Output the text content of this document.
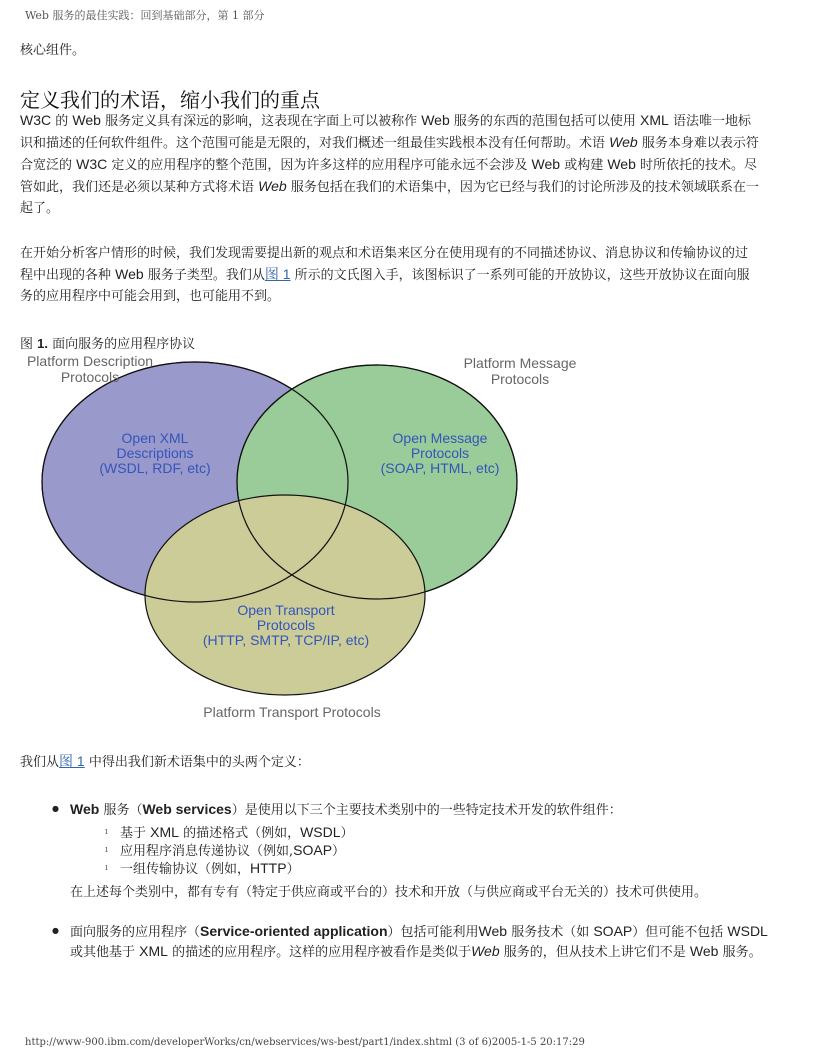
Web 服务的最佳实践：回到基础部分，第 1 部分
核心组件。
定义我们的术语，缩小我们的重点

W3C 的 Web 服务定义具有深远的影响，这表现在字面上可以被称作 Web 服务的东西的范围包括可以使用 XML 语法唯一地标识和描述的任何软件组件。这个范围可能是无限的，对我们概述一组最佳实践根本没有任何帮助。术语 Web 服务本身难以表示符合宽泛的 W3C 定义的应用程序的整个范围，因为许多这样的应用程序可能永远不会涉及 Web 或构建 Web 时所依托的技术。尽管如此，我们还是必须以某种方式将术语 Web 服务包括在我们的术语集中，因为它已经与我们的讨论所涉及的技术领域联系在一起了。

在开始分析客户情形的时候，我们发现需要提出新的观点和术语集来区分在使用现有的不同描述协议、消息协议和传输协议的过程中出现的各种 Web 服务子类型。我们从图 1 所示的文氏图入手，该图标识了一系列可能的开放协议，这些开放协议在面向服务的应用程序中可能会用到，也可能用不到。

图 1. 面向服务的应用程序协议
Platform Description
Protocols
Platform Message
Protocols
Open XML
Descriptions
(WSDL, RDF, etc)
Open Message
Protocols
(SOAP, HTML, etc)
Open Transport
Protocols
(HTTP, SMTP, TCP/IP, etc)
Platform Transport Protocols

我们从图 1 中得出我们新术语集中的头两个定义：

● Web 服务（Web services）是使用以下三个主要技术类别中的一些特定技术开发的软件组件：
ı 基于 XML 的描述格式（例如，WSDL）
ı 应用程序消息传递协议（例如,SOAP）
ı 一组传输协议（例如，HTTP）
在上述每个类别中，都有专有（特定于供应商或平台的）技术和开放（与供应商或平台无关的）技术可供使用。
● 面向服务的应用程序（Service-oriented application）包括可能利用Web 服务技术（如 SOAP）但可能不包括 WSDL 或其他基于 XML 的描述的应用程序。这样的应用程序被看作是类似于Web 服务的，但从技术上讲它们不是 Web 服务。
http://www-900.ibm.com/developerWorks/cn/webservices/ws-best/part1/index.shtml (3 of 6)2005-1-5 20:17:29
